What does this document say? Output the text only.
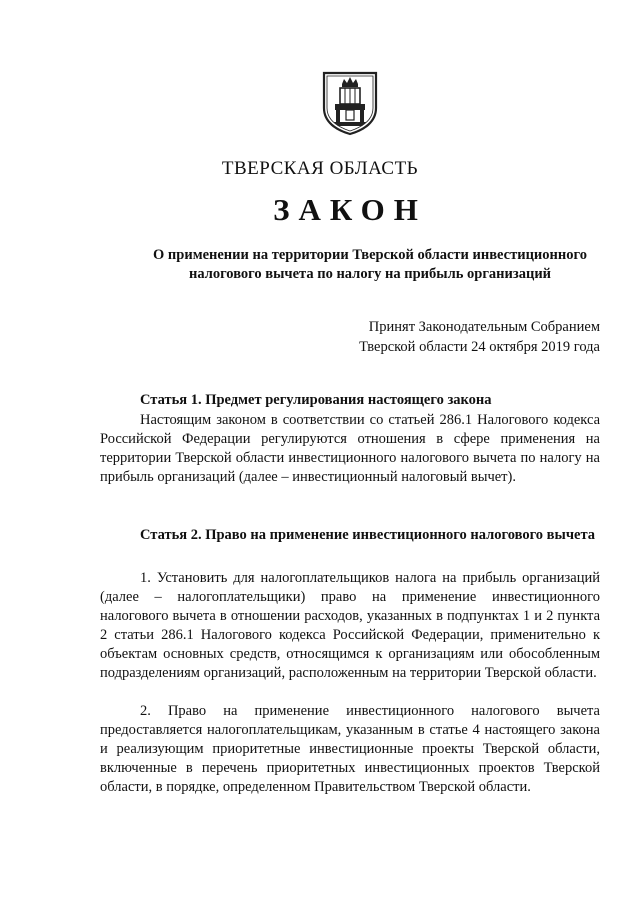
ТВЕРСКАЯ ОБЛАСТЬ
ЗАКОН
О применении на территории Тверской области инвестиционного налогового вычета по налогу на прибыль организаций
Принят Законодательным Собранием
Тверской области 24 октября 2019 года
Статья 1. Предмет регулирования настоящего закона
Настоящим законом в соответствии со статьей 286.1 Налогового кодекса Российской Федерации регулируются отношения в сфере применения на территории Тверской области инвестиционного налогового вычета по налогу на прибыль организаций (далее – инвестиционный налоговый вычет).
Статья 2. Право на применение инвестиционного налогового вычета
1. Установить для налогоплательщиков налога на прибыль организаций (далее – налогоплательщики) право на применение инвестиционного налогового вычета в отношении расходов, указанных в подпунктах 1 и 2 пункта 2 статьи 286.1 Налогового кодекса Российской Федерации, применительно к объектам основных средств, относящимся к организациям или обособленным подразделениям организаций, расположенным на территории Тверской области.
2. Право на применение инвестиционного налогового вычета предоставляется налогоплательщикам, указанным в статье 4 настоящего закона и реализующим приоритетные инвестиционные проекты Тверской области, включенные в перечень приоритетных инвестиционных проектов Тверской области, в порядке, определенном Правительством Тверской области.
